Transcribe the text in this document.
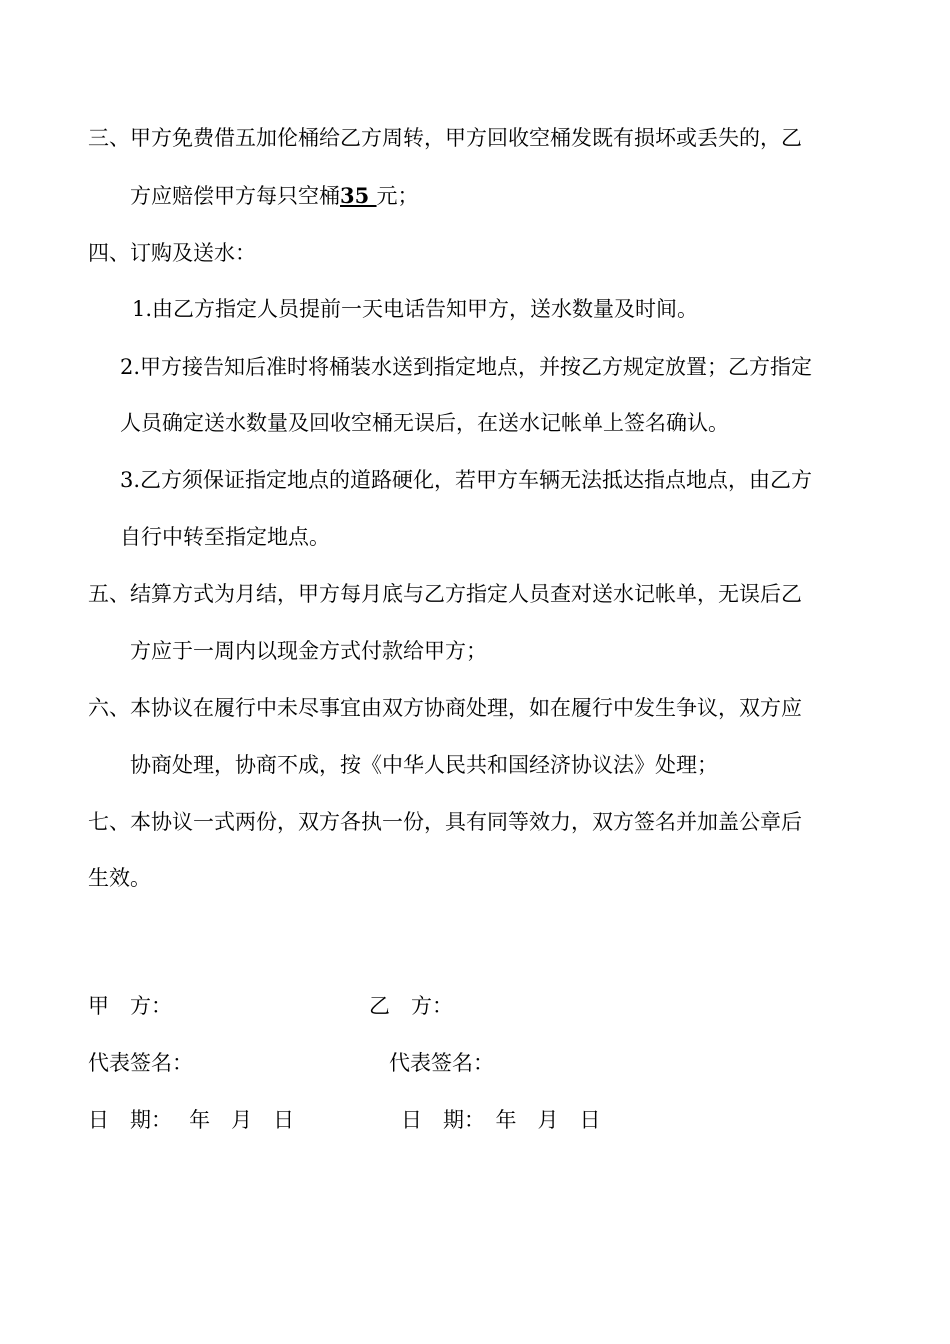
三、甲方免费借五加伦桶给乙方周转，甲方回收空桶发既有损坏或丢失的，乙
方应赔偿甲方每只空桶35 元；
四、订购及送水：
1.由乙方指定人员提前一天电话告知甲方，送水数量及时间。
2.甲方接告知后准时将桶装水送到指定地点，并按乙方规定放置；乙方指定
人员确定送水数量及回收空桶无误后，在送水记帐单上签名确认。
3.乙方须保证指定地点的道路硬化，若甲方车辆无法抵达指点地点，由乙方
自行中转至指定地点。
五、结算方式为月结，甲方每月底与乙方指定人员查对送水记帐单，无误后乙
方应于一周内以现金方式付款给甲方；
六、本协议在履行中未尽事宜由双方协商处理，如在履行中发生争议，双方应
协商处理，协商不成，按《中华人民共和国经济协议法》处理；
七、本协议一式两份，双方各执一份，具有同等效力，双方签名并加盖公章后
生效。
甲　方：	乙　方：
代表签名：	代表签名：
日　期：　 年　月　日	日　期：　年　月　日
